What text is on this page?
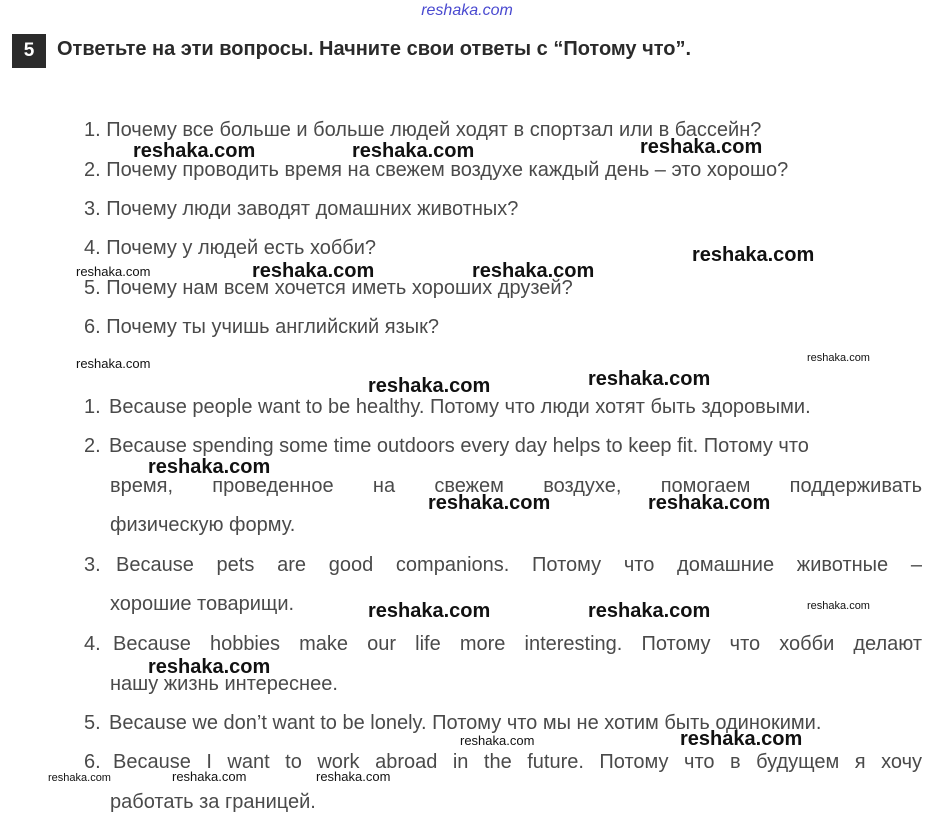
reshaka.com
5	Ответьте на эти вопросы. Начните свои ответы с “Потому что”.
1. Почему все больше и больше людей ходят в спортзал или в бассейн?
2. Почему проводить время на свежем воздухе каждый день – это хорошо?
3. Почему люди заводят домашних животных?
4. Почему у людей есть хобби?
5. Почему нам всем хочется иметь хороших друзей?
6. Почему ты учишь английский язык?
1. Because people want to be healthy. Потому что люди хотят быть здоровыми.
2. Because spending some time outdoors every day helps to keep fit. Потому что
время, проведенное на свежем воздухе, помогаем поддерживать
физическую форму.
3. Because pets are good companions. Потому что домашние животные –
хорошие товарищи.
4. Because hobbies make our life more interesting. Потому что хобби делают
нашу жизнь интереснее.
5. Because we don’t want to be lonely. Потому что мы не хотим быть одинокими.
6. Because I want to work abroad in the future. Потому что в будущем я хочу
работать за границей.
reshaka.com	reshaka.com	reshaka.com
reshaka.com
reshaka.com	reshaka.com	reshaka.com
reshaka.com	reshaka.com
reshaka.com	reshaka.com
reshaka.com
reshaka.com	reshaka.com
reshaka.com	reshaka.com	reshaka.com
reshaka.com
reshaka.com	reshaka.com
reshaka.com	reshaka.com	reshaka.com
